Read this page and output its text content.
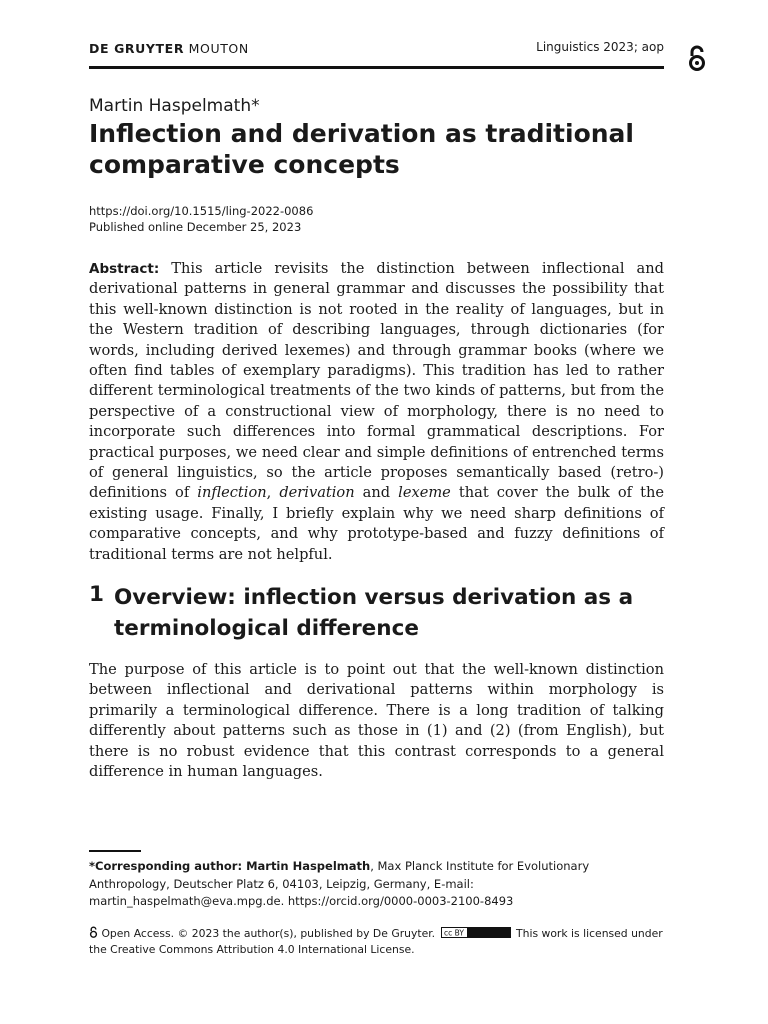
DE GRUYTER MOUTON	Linguistics 2023; aop
Martin Haspelmath*
Inflection and derivation as traditional comparative concepts
https://doi.org/10.1515/ling-2022-0086
Published online December 25, 2023

Abstract: This article revisits the distinction between inflectional and derivational patterns in general grammar and discusses the possibility that this well-known distinction is not rooted in the reality of languages, but in the Western tradition of describing languages, through dictionaries (for words, including derived lexemes) and through grammar books (where we often find tables of exemplary paradigms). This tradition has led to rather different terminological treatments of the two kinds of patterns, but from the perspective of a constructional view of morphology, there is no need to incorporate such differences into formal grammatical descriptions. For practical purposes, we need clear and simple definitions of entrenched terms of general linguistics, so the article proposes semantically based (retro-) definitions of inflection, derivation and lexeme that cover the bulk of the existing usage. Finally, I briefly explain why we need sharp definitions of comparative concepts, and why prototype-based and fuzzy definitions of traditional terms are not helpful.

1 Overview: inflection versus derivation as a terminological difference

The purpose of this article is to point out that the well-known distinction between inflectional and derivational patterns within morphology is primarily a terminological difference. There is a long tradition of talking differently about patterns such as those in (1) and (2) (from English), but there is no robust evidence that this contrast corresponds to a general difference in human languages.

*Corresponding author: Martin Haspelmath, Max Planck Institute for Evolutionary Anthropology, Deutscher Platz 6, 04103, Leipzig, Germany, E-mail: martin_haspelmath@eva.mpg.de. https://orcid.org/0000-0003-2100-8493

Open Access. © 2023 the author(s), published by De Gruyter. cc BY	This work is licensed under the Creative Commons Attribution 4.0 International License.
